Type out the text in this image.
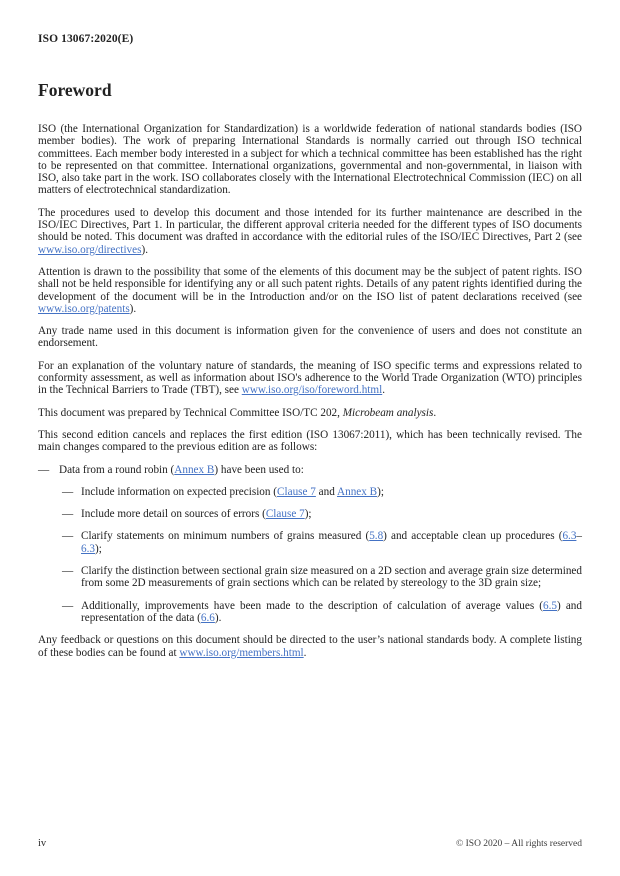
ISO 13067:2020(E)
Foreword
ISO (the International Organization for Standardization) is a worldwide federation of national standards bodies (ISO member bodies). The work of preparing International Standards is normally carried out through ISO technical committees. Each member body interested in a subject for which a technical committee has been established has the right to be represented on that committee. International organizations, governmental and non-governmental, in liaison with ISO, also take part in the work. ISO collaborates closely with the International Electrotechnical Commission (IEC) on all matters of electrotechnical standardization.
The procedures used to develop this document and those intended for its further maintenance are described in the ISO/IEC Directives, Part 1. In particular, the different approval criteria needed for the different types of ISO documents should be noted. This document was drafted in accordance with the editorial rules of the ISO/IEC Directives, Part 2 (see www.iso.org/directives).
Attention is drawn to the possibility that some of the elements of this document may be the subject of patent rights. ISO shall not be held responsible for identifying any or all such patent rights. Details of any patent rights identified during the development of the document will be in the Introduction and/or on the ISO list of patent declarations received (see www.iso.org/patents).
Any trade name used in this document is information given for the convenience of users and does not constitute an endorsement.
For an explanation of the voluntary nature of standards, the meaning of ISO specific terms and expressions related to conformity assessment, as well as information about ISO's adherence to the World Trade Organization (WTO) principles in the Technical Barriers to Trade (TBT), see www.iso.org/iso/foreword.html.
This document was prepared by Technical Committee ISO/TC 202, Microbeam analysis.
This second edition cancels and replaces the first edition (ISO 13067:2011), which has been technically revised. The main changes compared to the previous edition are as follows:
— Data from a round robin (Annex B) have been used to:
— Include information on expected precision (Clause 7 and Annex B);
— Include more detail on sources of errors (Clause 7);
— Clarify statements on minimum numbers of grains measured (5.8) and acceptable clean up procedures (6.3–6.3);
— Clarify the distinction between sectional grain size measured on a 2D section and average grain size determined from some 2D measurements of grain sections which can be related by stereology to the 3D grain size;
— Additionally, improvements have been made to the description of calculation of average values (6.5) and representation of the data (6.6).
Any feedback or questions on this document should be directed to the user’s national standards body. A complete listing of these bodies can be found at www.iso.org/members.html.
iv	© ISO 2020 – All rights reserved
